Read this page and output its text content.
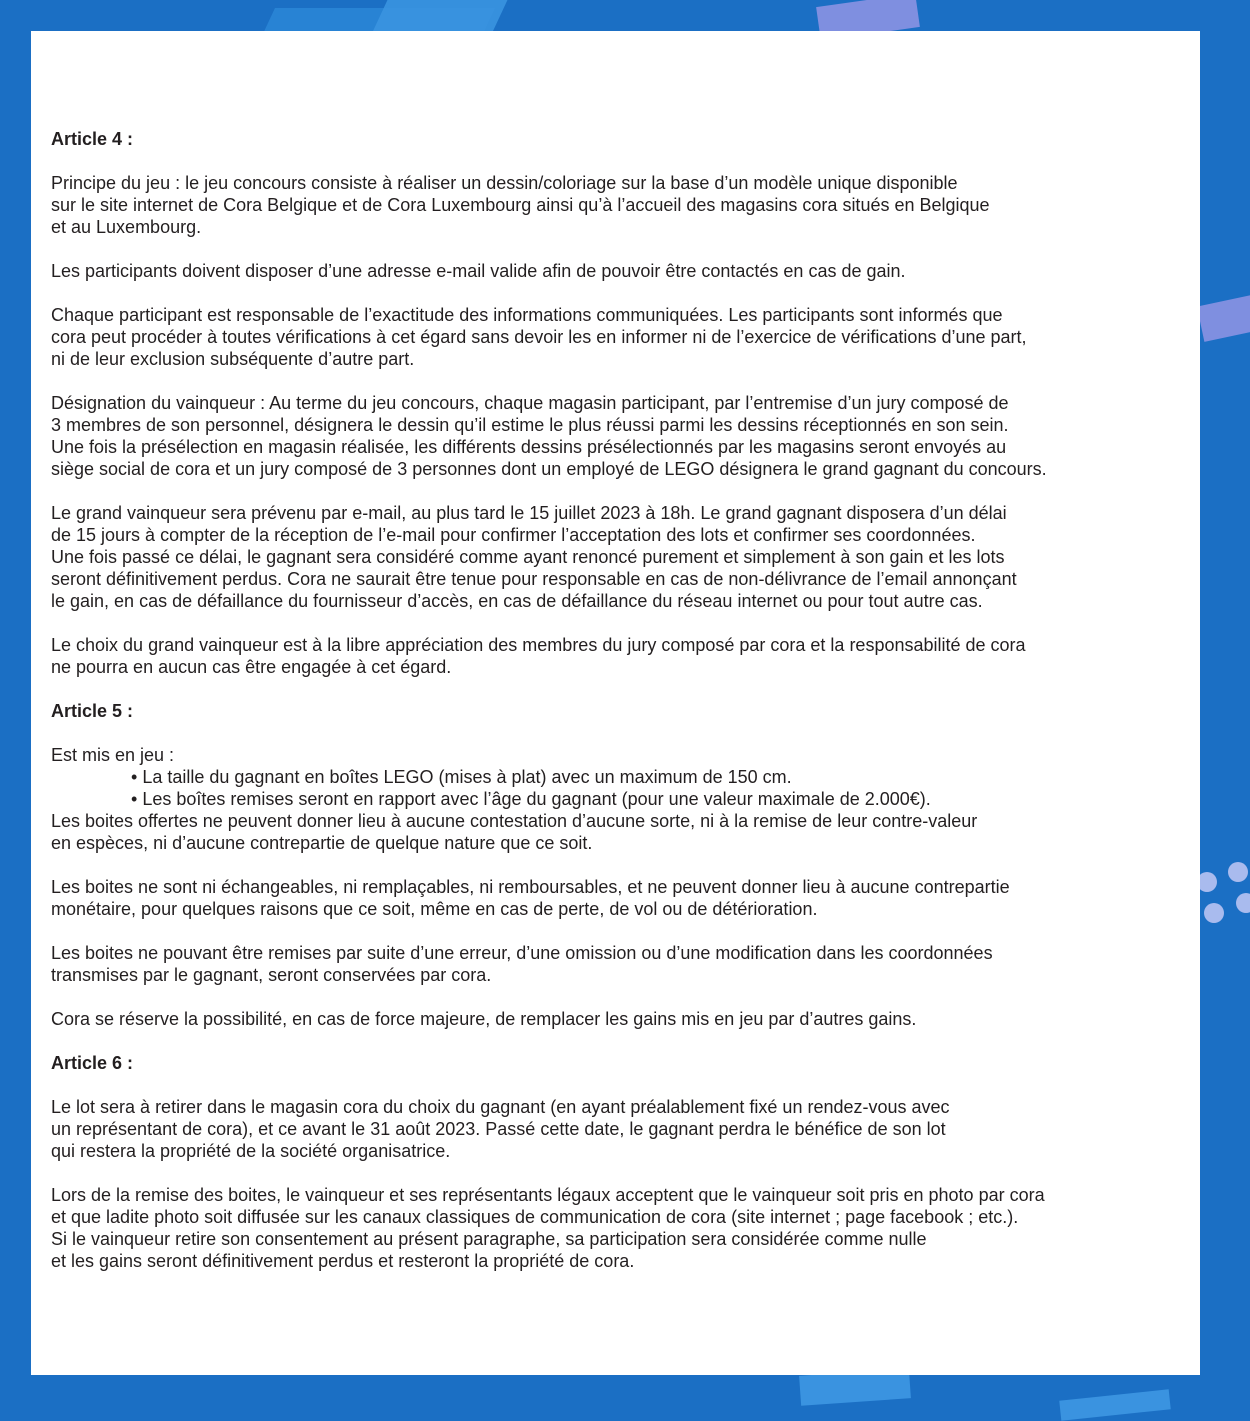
Article 4 :

Principe du jeu : le jeu concours consiste à réaliser un dessin/coloriage sur la base d’un modèle unique disponible
sur le site internet de Cora Belgique et de Cora Luxembourg ainsi qu’à l’accueil des magasins cora situés en Belgique
et au Luxembourg.

Les participants doivent disposer d’une adresse e-mail valide afin de pouvoir être contactés en cas de gain.

Chaque participant est responsable de l’exactitude des informations communiquées. Les participants sont informés que
cora peut procéder à toutes vérifications à cet égard sans devoir les en informer ni de l’exercice de vérifications d’une part,
ni de leur exclusion subséquente d’autre part.

Désignation du vainqueur : Au terme du jeu concours, chaque magasin participant, par l’entremise d’un jury composé de
3 membres de son personnel, désignera le dessin qu’il estime le plus réussi parmi les dessins réceptionnés en son sein.
Une fois la présélection en magasin réalisée, les différents dessins présélectionnés par les magasins seront envoyés au
siège social de cora et un jury composé de 3 personnes dont un employé de LEGO désignera le grand gagnant du concours.

Le grand vainqueur sera prévenu par e-mail, au plus tard le 15 juillet 2023 à 18h. Le grand gagnant disposera d’un délai
de 15 jours à compter de la réception de l’e-mail pour confirmer l’acceptation des lots et confirmer ses coordonnées.
Une fois passé ce délai, le gagnant sera considéré comme ayant renoncé purement et simplement à son gain et les lots
seront définitivement perdus. Cora ne saurait être tenue pour responsable en cas de non-délivrance de l’email annonçant
le gain, en cas de défaillance du fournisseur d’accès, en cas de défaillance du réseau internet ou pour tout autre cas.

Le choix du grand vainqueur est à la libre appréciation des membres du jury composé par cora et la responsabilité de cora
ne pourra en aucun cas être engagée à cet égard.

Article 5 :
Est mis en jeu :
• La taille du gagnant en boîtes LEGO (mises à plat) avec un maximum de 150 cm.
• Les boîtes remises seront en rapport avec l’âge du gagnant (pour une valeur maximale de 2.000€).

Les boites offertes ne peuvent donner lieu à aucune contestation d’aucune sorte, ni à la remise de leur contre-valeur
en espèces, ni d’aucune contrepartie de quelque nature que ce soit.

Les boites ne sont ni échangeables, ni remplaçables, ni remboursables, et ne peuvent donner lieu à aucune contrepartie
monétaire, pour quelques raisons que ce soit, même en cas de perte, de vol ou de détérioration.

Les boites ne pouvant être remises par suite d’une erreur, d’une omission ou d’une modification dans les coordonnées
transmises par le gagnant, seront conservées par cora.

Cora se réserve la possibilité, en cas de force majeure, de remplacer les gains mis en jeu par d’autres gains.

Article 6 :

Le lot sera à retirer dans le magasin cora du choix du gagnant (en ayant préalablement fixé un rendez-vous avec
un représentant de cora), et ce avant le 31 août 2023. Passé cette date, le gagnant perdra le bénéfice de son lot
qui restera la propriété de la société organisatrice.

Lors de la remise des boites, le vainqueur et ses représentants légaux acceptent que le vainqueur soit pris en photo par cora
et que ladite photo soit diffusée sur les canaux classiques de communication de cora (site internet ; page facebook ; etc.).
Si le vainqueur retire son consentement au présent paragraphe, sa participation sera considérée comme nulle
et les gains seront définitivement perdus et resteront la propriété de cora.
